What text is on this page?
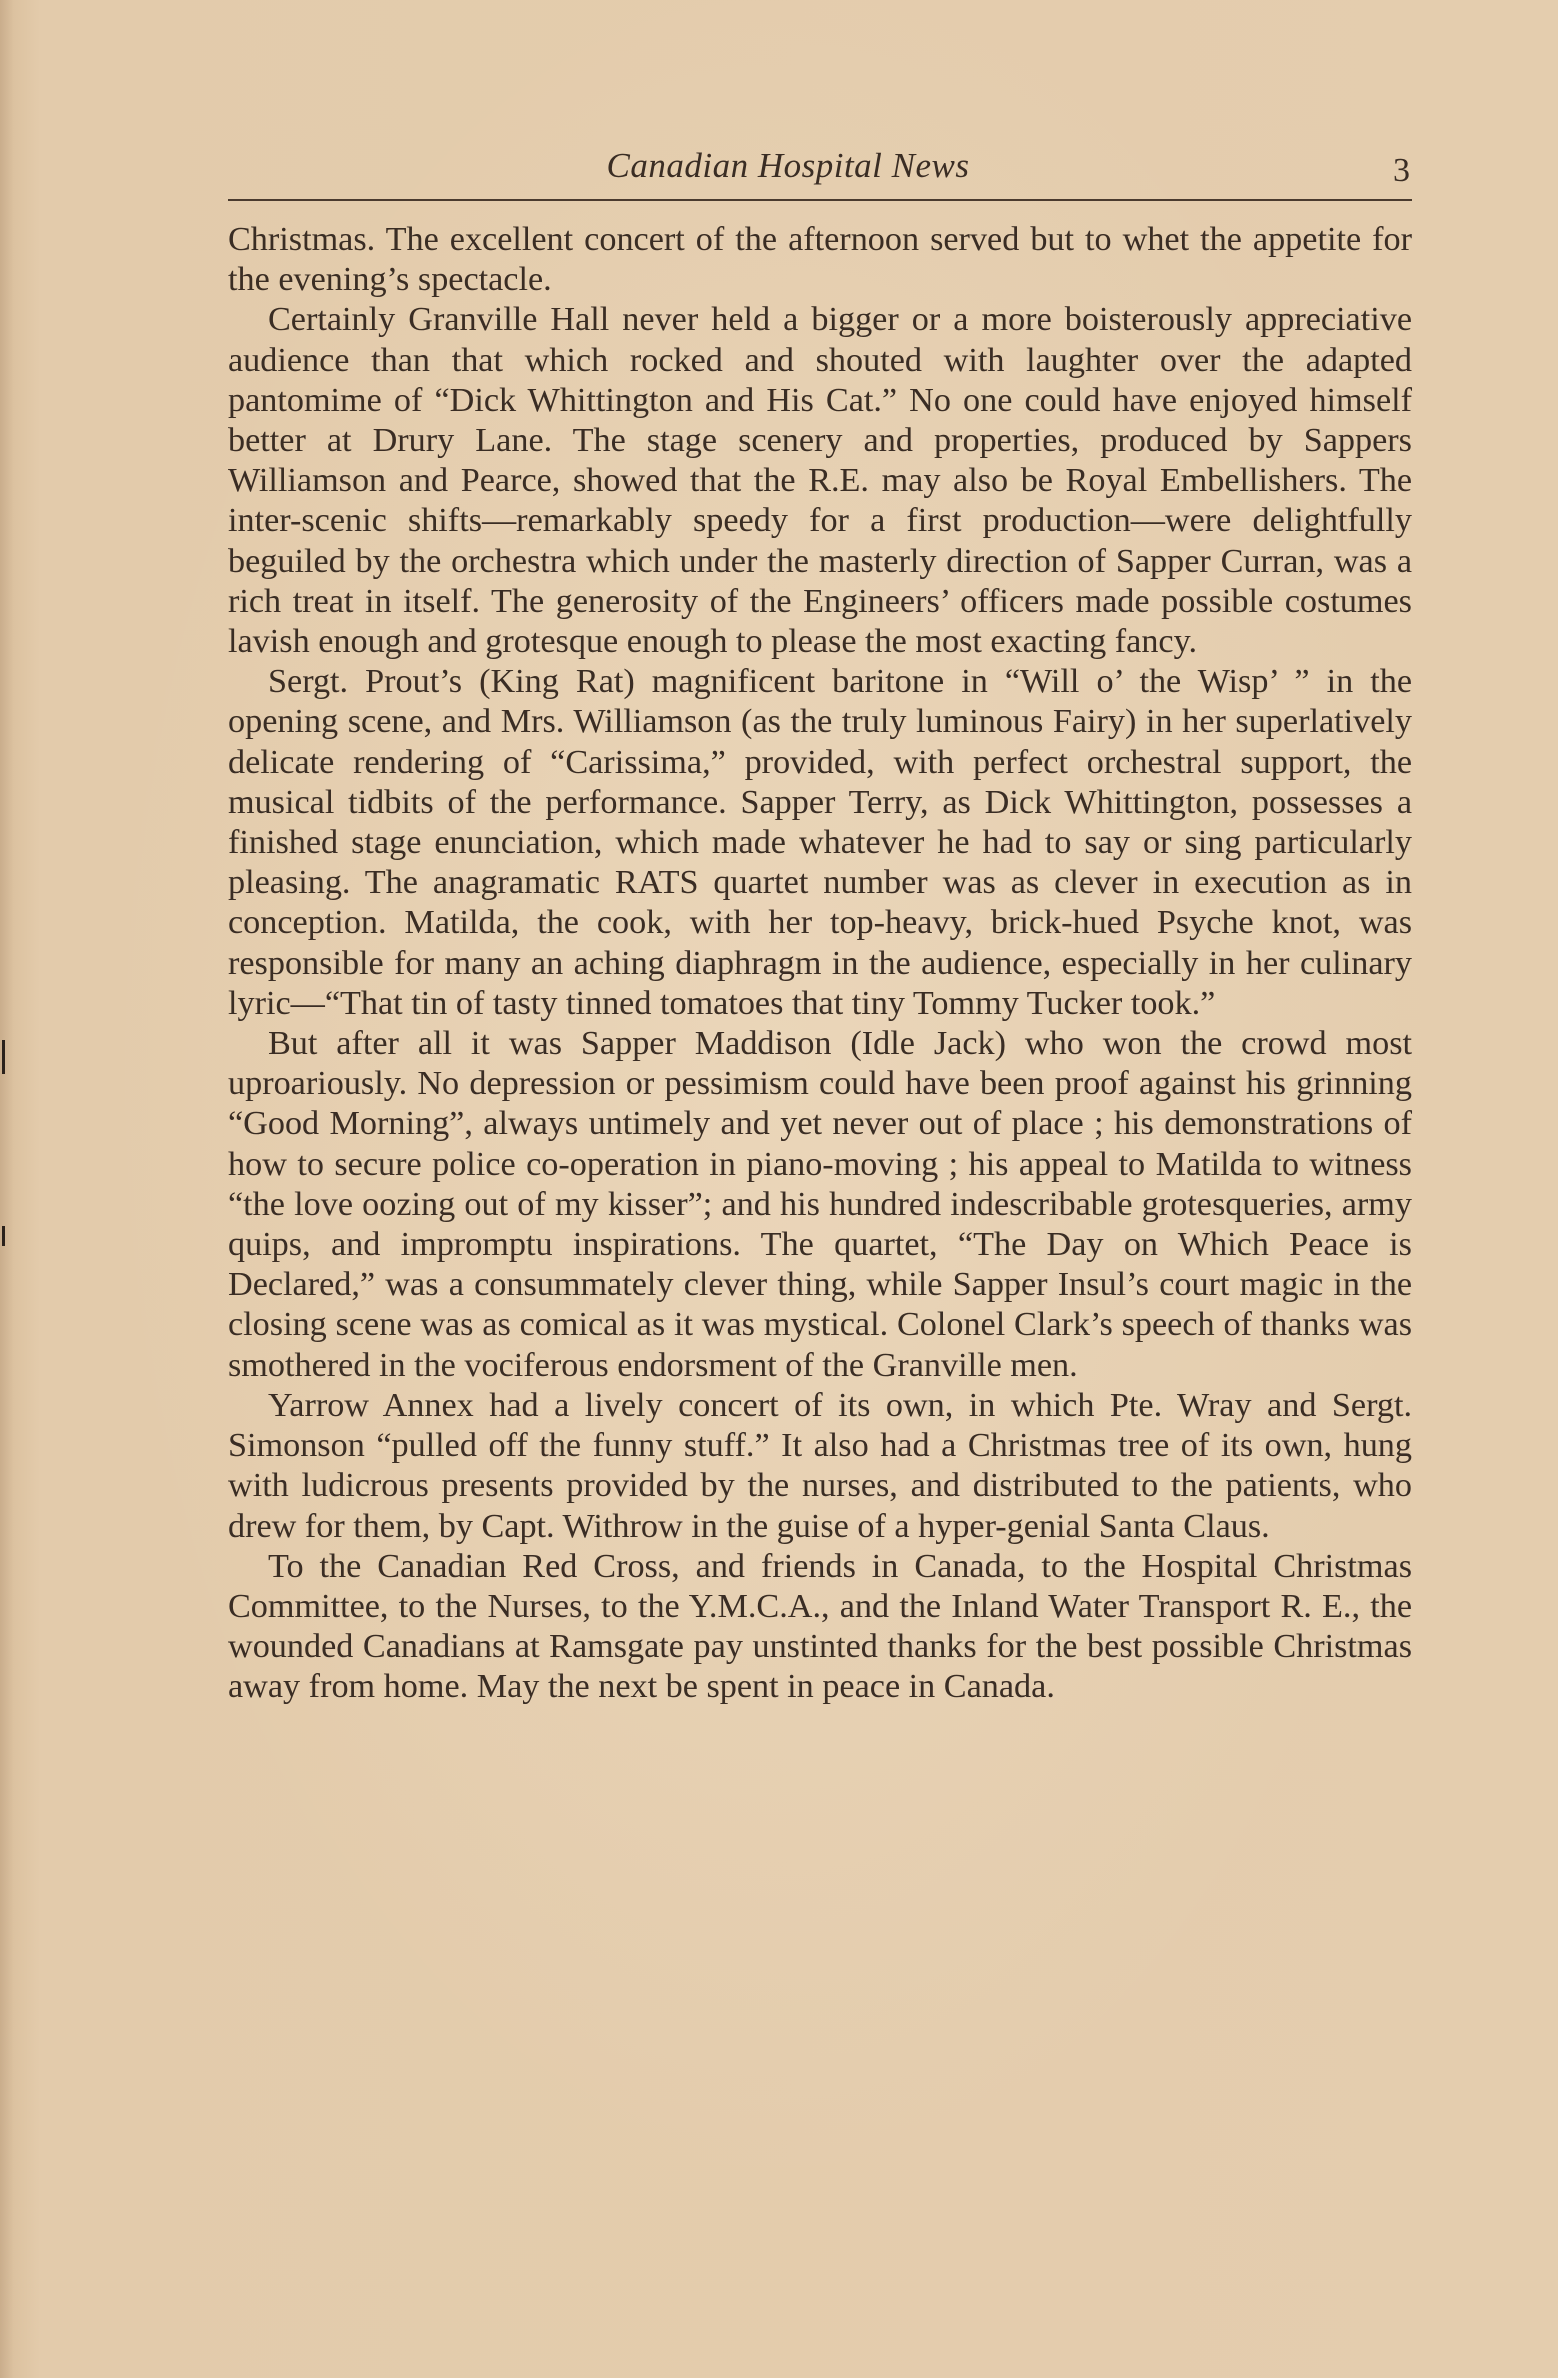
Canadian Hospital News	3

Christmas. The excellent concert of the afternoon served but to whet the appetite for the evening’s spectacle.

Certainly Granville Hall never held a bigger or a more boisterously appreciative audience than that which rocked and shouted with laughter over the adapted pantomime of “Dick Whittington and His Cat.” No one could have enjoyed himself better at Drury Lane. The stage scenery and properties, produced by Sappers Williamson and Pearce, showed that the R.E. may also be Royal Embellishers. The inter-scenic shifts—remarkably speedy for a first production—were delightfully beguiled by the orchestra which under the masterly direction of Sapper Curran, was a rich treat in itself. The generosity of the Engineers’ officers made possible costumes lavish enough and grotesque enough to please the most exacting fancy.

Sergt. Prout’s (King Rat) magnificent baritone in “Will o’ the Wisp’ ” in the opening scene, and Mrs. Williamson (as the truly luminous Fairy) in her superlatively delicate rendering of “Carissima,” provided, with perfect orchestral support, the musical tidbits of the performance. Sapper Terry, as Dick Whittington, possesses a finished stage enunciation, which made whatever he had to say or sing particularly pleasing. The anagramatic RATS quartet number was as clever in execution as in conception. Matilda, the cook, with her top-heavy, brick-hued Psyche knot, was responsible for many an aching diaphragm in the audience, especially in her culinary lyric—“That tin of tasty tinned tomatoes that tiny Tommy Tucker took.”

But after all it was Sapper Maddison (Idle Jack) who won the crowd most uproariously. No depression or pessimism could have been proof against his grinning “Good Morning”, always untimely and yet never out of place ; his demonstrations of how to secure police co-operation in piano-moving ; his appeal to Matilda to witness “the love oozing out of my kisser”; and his hundred indescribable grotesqueries, army quips, and impromptu inspirations. The quartet, “The Day on Which Peace is Declared,” was a consummately clever thing, while Sapper Insul’s court magic in the closing scene was as comical as it was mystical. Colonel Clark’s speech of thanks was smothered in the vociferous endorsment of the Granville men.

Yarrow Annex had a lively concert of its own, in which Pte. Wray and Sergt. Simonson “pulled off the funny stuff.” It also had a Christmas tree of its own, hung with ludicrous presents provided by the nurses, and distributed to the patients, who drew for them, by Capt. Withrow in the guise of a hyper-genial Santa Claus.

To the Canadian Red Cross, and friends in Canada, to the Hospital Christmas Committee, to the Nurses, to the Y.M.C.A., and the Inland Water Transport R. E., the wounded Canadians at Ramsgate pay unstinted thanks for the best possible Christmas away from home. May the next be spent in peace in Canada.
